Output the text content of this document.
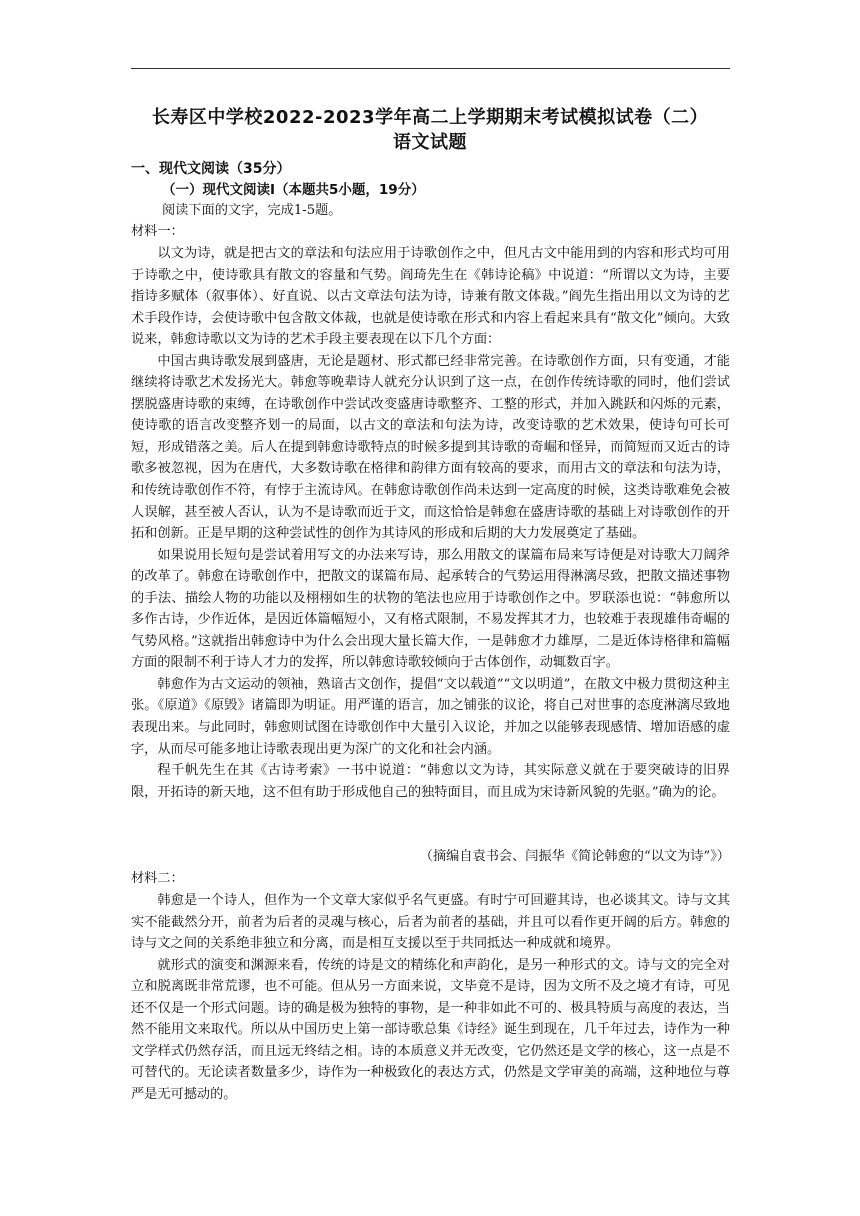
长寿区中学校2022-2023学年高二上学期期末考试模拟试卷（二）
语文试题
一、现代文阅读（35分）
（一）现代文阅读Ⅰ（本题共5小题，19分）
阅读下面的文字，完成1-5题。
材料一：

以文为诗，就是把古文的章法和句法应用于诗歌创作之中，但凡古文中能用到的内容和形式均可用于诗歌之中，使诗歌具有散文的容量和气势。阎琦先生在《韩诗论稿》中说道：“所谓以文为诗，主要指诗多赋体（叙事体）、好直说、以古文章法句法为诗，诗兼有散文体裁。”阎先生指出用以文为诗的艺术手段作诗，会使诗歌中包含散文体裁，也就是使诗歌在形式和内容上看起来具有“散文化”倾向。大致说来，韩愈诗歌以文为诗的艺术手段主要表现在以下几个方面：

中国古典诗歌发展到盛唐，无论是题材、形式都已经非常完善。在诗歌创作方面，只有变通，才能继续将诗歌艺术发扬光大。韩愈等晚辈诗人就充分认识到了这一点，在创作传统诗歌的同时，他们尝试摆脱盛唐诗歌的束缚，在诗歌创作中尝试改变盛唐诗歌整齐、工整的形式，并加入跳跃和闪烁的元素，使诗歌的语言改变整齐划一的局面，以古文的章法和句法为诗，改变诗歌的艺术效果，使诗句可长可短，形成错落之美。后人在提到韩愈诗歌特点的时候多提到其诗歌的奇崛和怪异，而简短而又近古的诗歌多被忽视，因为在唐代，大多数诗歌在格律和韵律方面有较高的要求，而用古文的章法和句法为诗，和传统诗歌创作不符，有悖于主流诗风。在韩愈诗歌创作尚未达到一定高度的时候，这类诗歌难免会被人误解，甚至被人否认，认为不是诗歌而近于文，而这恰恰是韩愈在盛唐诗歌的基础上对诗歌创作的开拓和创新。正是早期的这种尝试性的创作为其诗风的形成和后期的大力发展奠定了基础。

如果说用长短句是尝试着用写文的办法来写诗，那么用散文的谋篇布局来写诗便是对诗歌大刀阔斧的改革了。韩愈在诗歌创作中，把散文的谋篇布局、起承转合的气势运用得淋漓尽致，把散文描述事物的手法、描绘人物的功能以及栩栩如生的状物的笔法也应用于诗歌创作之中。罗联添也说：“韩愈所以多作古诗，少作近体，是因近体篇幅短小，又有格式限制，不易发挥其才力，也较难于表现雄伟奇崛的气势风格。”这就指出韩愈诗中为什么会出现大量长篇大作，一是韩愈才力雄厚，二是近体诗格律和篇幅方面的限制不利于诗人才力的发挥，所以韩愈诗歌较倾向于古体创作，动辄数百字。

韩愈作为古文运动的领袖，熟谙古文创作，提倡“文以载道”“文以明道”，在散文中极力贯彻这种主张。《原道》《原毁》诸篇即为明证。用严谨的语言，加之铺张的议论，将自己对世事的态度淋漓尽致地表现出来。与此同时，韩愈则试图在诗歌创作中大量引入议论，并加之以能够表现感情、增加语感的虚字，从而尽可能多地让诗歌表现出更为深广的文化和社会内涵。

程千帆先生在其《古诗考索》一书中说道：“韩愈以文为诗，其实际意义就在于要突破诗的旧界限，开拓诗的新天地，这不但有助于形成他自己的独特面目，而且成为宋诗新风貌的先驱。”确为的论。

（摘编自袁书会、闫振华《简论韩愈的“以文为诗”》）
材料二：

韩愈是一个诗人，但作为一个文章大家似乎名气更盛。有时宁可回避其诗，也必谈其文。诗与文其实不能截然分开，前者为后者的灵魂与核心，后者为前者的基础，并且可以看作更开阔的后方。韩愈的诗与文之间的关系绝非独立和分离，而是相互支援以至于共同抵达一种成就和境界。

就形式的演变和渊源来看，传统的诗是文的精练化和声韵化，是另一种形式的文。诗与文的完全对立和脱离既非常荒谬，也不可能。但从另一方面来说，文毕竟不是诗，因为文所不及之境才有诗，可见还不仅是一个形式问题。诗的确是极为独特的事物，是一种非如此不可的、极具特质与高度的表达，当然不能用文来取代。所以从中国历史上第一部诗歌总集《诗经》诞生到现在，几千年过去，诗作为一种文学样式仍然存活，而且远无终结之相。诗的本质意义并无改变，它仍然还是文学的核心，这一点是不可替代的。无论读者数量多少，诗作为一种极致化的表达方式，仍然是文学审美的高端，这种地位与尊严是无可撼动的。
